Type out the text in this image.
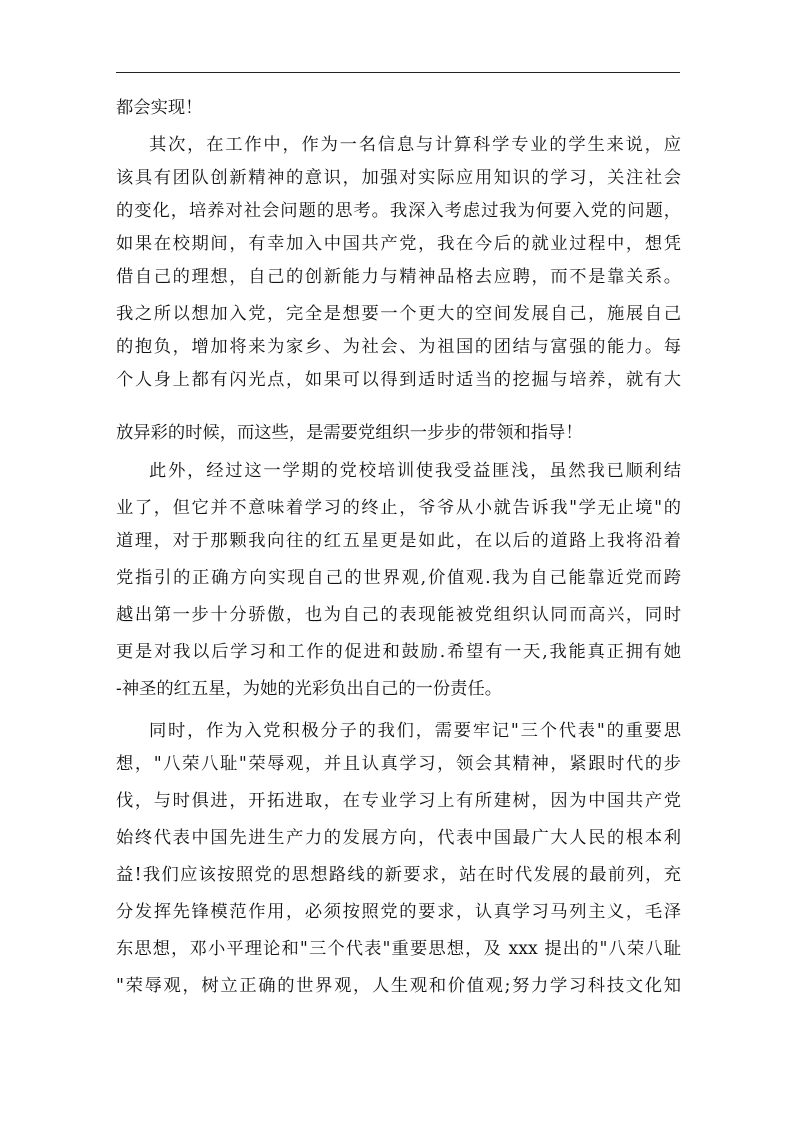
都会实现！
其次，在工作中，作为一名信息与计算科学专业的学生来说，应
该具有团队创新精神的意识，加强对实际应用知识的学习，关注社会
的变化，培养对社会问题的思考。我深入考虑过我为何要入党的问题，
如果在校期间，有幸加入中国共产党，我在今后的就业过程中，想凭
借自己的理想，自己的创新能力与精神品格去应聘，而不是靠关系。
我之所以想加入党，完全是想要一个更大的空间发展自己，施展自己
的抱负，增加将来为家乡、为社会、为祖国的团结与富强的能力。每
个人身上都有闪光点，如果可以得到适时适当的挖掘与培养，就有大
放异彩的时候，而这些，是需要党组织一步步的带领和指导！
此外，经过这一学期的党校培训使我受益匪浅，虽然我已顺利结
业了，但它并不意味着学习的终止，爷爷从小就告诉我"学无止境"的
道理，对于那颗我向往的红五星更是如此，在以后的道路上我将沿着
党指引的正确方向实现自己的世界观,价值观.我为自己能靠近党而跨
越出第一步十分骄傲，也为自己的表现能被党组织认同而高兴，同时
更是对我以后学习和工作的促进和鼓励.希望有一天,我能真正拥有她
-神圣的红五星，为她的光彩负出自己的一份责任。
同时，作为入党积极分子的我们，需要牢记"三个代表"的重要思
想，"八荣八耻"荣辱观，并且认真学习，领会其精神，紧跟时代的步
伐，与时俱进，开拓进取，在专业学习上有所建树，因为中国共产党
始终代表中国先进生产力的发展方向，代表中国最广大人民的根本利
益!我们应该按照党的思想路线的新要求，站在时代发展的最前列，充
分发挥先锋模范作用，必须按照党的要求，认真学习马列主义，毛泽
东思想，邓小平理论和"三个代表"重要思想，及 xxx 提出的"八荣八耻
"荣辱观，树立正确的世界观，人生观和价值观;努力学习科技文化知
